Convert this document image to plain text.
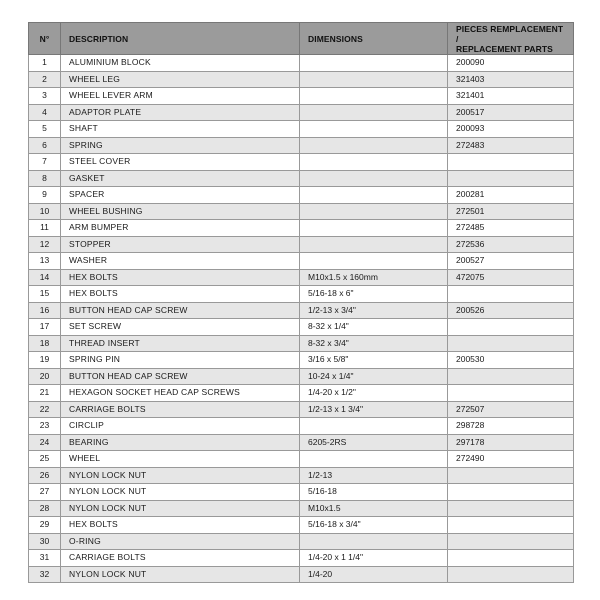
N°	DESCRIPTION	DIMENSIONS	PIECES REMPLACEMENT /
REPLACEMENT PARTS
1	ALUMINIUM BLOCK		200090
2	WHEEL LEG		321403
3	WHEEL LEVER ARM		321401
4	ADAPTOR PLATE		200517
5	SHAFT		200093
6	SPRING		272483
7	STEEL COVER		
8	GASKET		
9	SPACER		200281
10	WHEEL BUSHING		272501
11	ARM BUMPER		272485
12	STOPPER		272536
13	WASHER		200527
14	HEX BOLTS	M10x1.5 x 160mm	472075
15	HEX BOLTS	5/16-18 x 6"	
16	BUTTON HEAD CAP SCREW	1/2-13 x 3/4"	200526
17	SET SCREW	8-32 x 1/4"	
18	THREAD INSERT	8-32 x 3/4"	
19	SPRING PIN	3/16 x 5/8"	200530
20	BUTTON HEAD CAP SCREW	10-24 x 1/4"	
21	HEXAGON SOCKET HEAD CAP SCREWS	1/4-20 x 1/2"	
22	CARRIAGE BOLTS	1/2-13 x 1 3/4"	272507
23	CIRCLIP		298728
24	BEARING	6205-2RS	297178
25	WHEEL		272490
26	NYLON LOCK NUT	1/2-13	
27	NYLON LOCK NUT	5/16-18	
28	NYLON LOCK NUT	M10x1.5	
29	HEX BOLTS	5/16-18 x 3/4"	
30	O-RING		
31	CARRIAGE BOLTS	1/4-20 x 1 1/4"	
32	NYLON LOCK NUT	1/4-20	
